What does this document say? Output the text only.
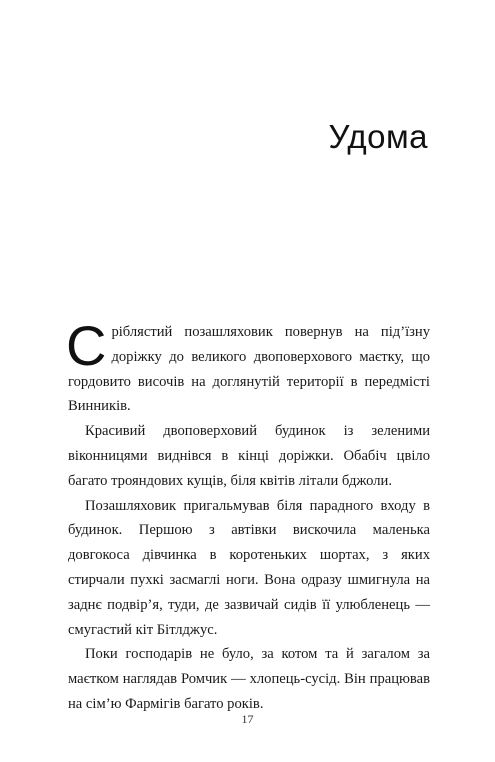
Удома

Сріблястий позашляховик повернув на під’їзну доріжку до великого двоповерхового маєтку, що гордовито височів на доглянутій території в передмісті Винників.

Красивий двоповерховий будинок із зеленими віконницями виднівся в кінці доріжки. Обабіч цвіло багато трояндових кущів, біля квітів літали бджоли.

Позашляховик пригальмував біля парадного входу в будинок. Першою з автівки вискочила маленька довгокоса дівчинка в коротеньких шортах, з яких стирчали пухкі засмаглі ноги. Вона одразу шмигнула на заднє подвір’я, туди, де зазвичай сидів її улюбленець — смугастий кіт Бітлджус.

Поки господарів не було, за котом та й загалом за маєтком наглядав Ромчик — хлопець-сусід. Він працював на сім’ю Фармігів багато років.

17
